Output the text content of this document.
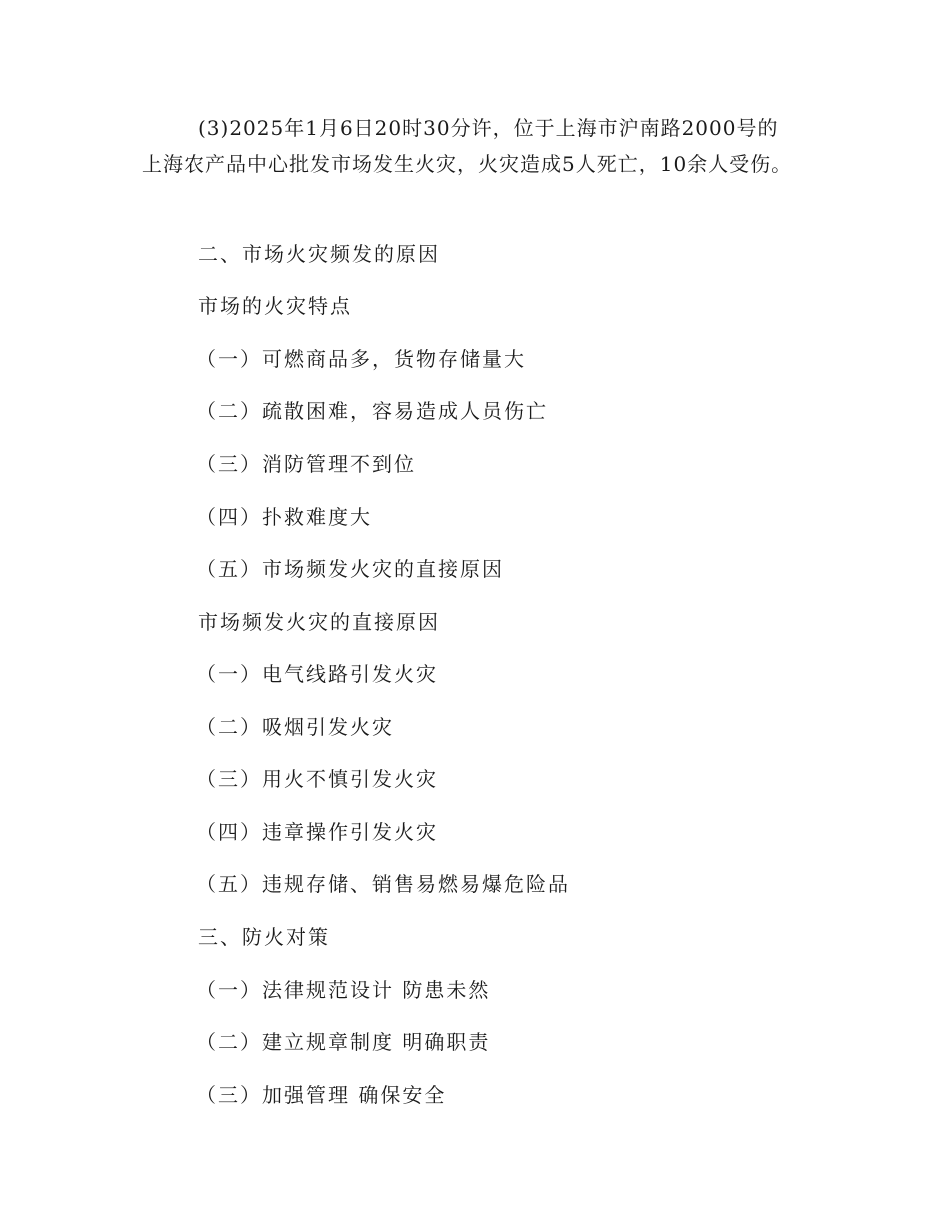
(3)2025年1月6日20时30分许，位于上海市沪南路2000号的上海农产品中心批发市场发生火灾，火灾造成5人死亡，10余人受伤。

二、市场火灾频发的原因

市场的火灾特点

（一）可燃商品多，货物存储量大

（二）疏散困难，容易造成人员伤亡

（三）消防管理不到位

（四）扑救难度大

（五）市场频发火灾的直接原因

市场频发火灾的直接原因

（一）电气线路引发火灾

（二）吸烟引发火灾

（三）用火不慎引发火灾

（四）违章操作引发火灾

（五）违规存储、销售易燃易爆危险品

三、防火对策

（一）法律规范设计 防患未然

（二）建立规章制度 明确职责

（三）加强管理 确保安全
